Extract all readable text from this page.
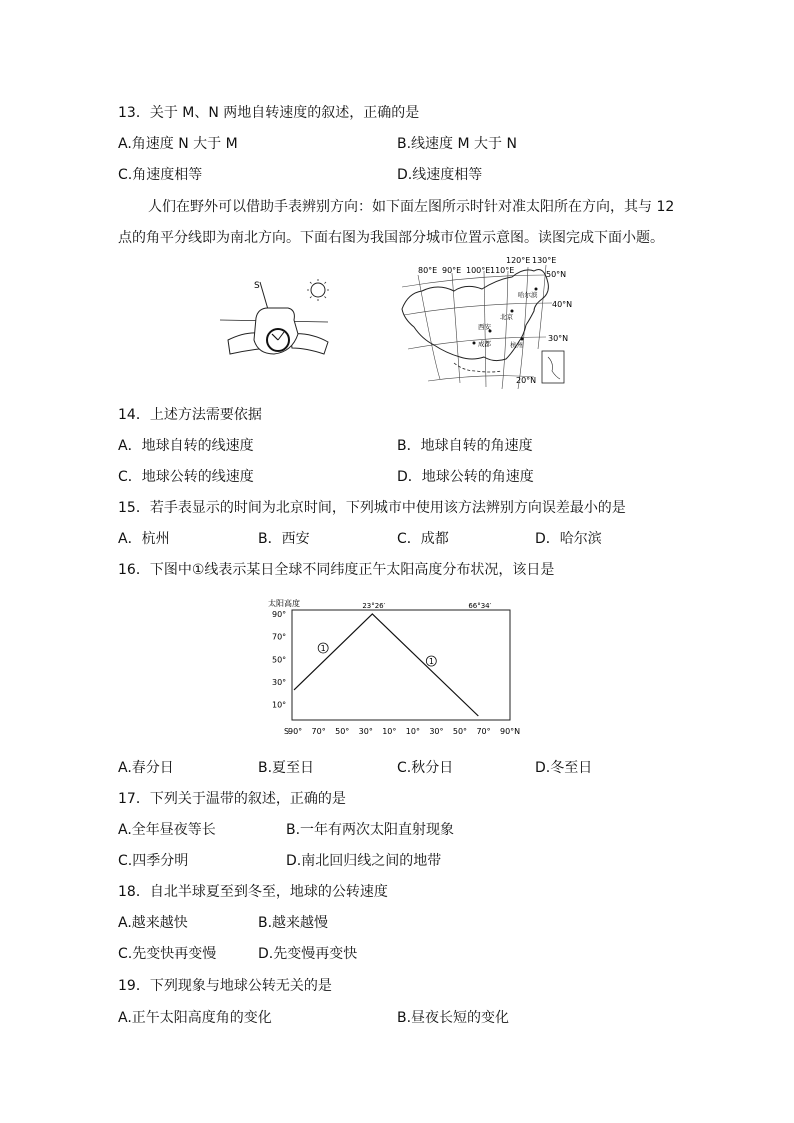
13．关于 M、N 两地自转速度的叙述，正确的是
A.角速度 N 大于 M	B.线速度 M 大于 N
C.角速度相等	D.线速度相等
人们在野外可以借助手表辨别方向：如下面左图所示时针对准太阳所在方向，其与 12
点的角平分线即为南北方向。下面右图为我国部分城市位置示意图。读图完成下面小题。
S
80°E 90°E 100°E 110°E
120°E 130°E
50°N
40°N
30°N
20°N
哈尔滨
北京
西安
成都	杭州
14．上述方法需要依据
A．地球自转的线速度	B．地球自转的角速度
C．地球公转的线速度	D．地球公转的角速度
15．若手表显示的时间为北京时间，下列城市中使用该方法辨别方向误差最小的是
A．杭州	B．西安	C．成都	D．哈尔滨
16．下图中①线表示某日全球不同纬度正午太阳高度分布状况，该日是
太阳高度	23°26′	66°34′
90°
70°
50°
30°
10°
S
90° 70° 50° 30° 10° 10° 30° 50° 70° 90°N
1
1
A.春分日	B.夏至日	C.秋分日	D.冬至日
17．下列关于温带的叙述，正确的是
A.全年昼夜等长	B.一年有两次太阳直射现象
C.四季分明	D.南北回归线之间的地带
18．自北半球夏至到冬至，地球的公转速度
A.越来越快	B.越来越慢
C.先变快再变慢	D.先变慢再变快
19．下列现象与地球公转无关的是
A.正午太阳高度角的变化	B.昼夜长短的变化
